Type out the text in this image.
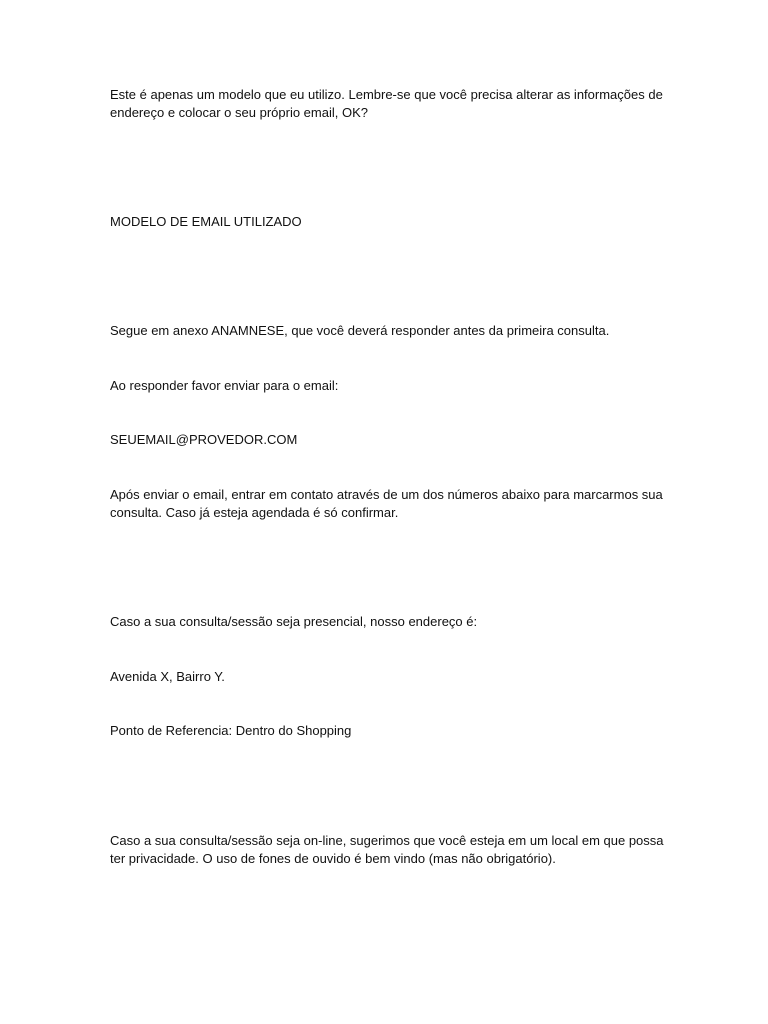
Este é apenas um modelo que eu utilizo. Lembre-se que você precisa alterar as informações de endereço e colocar o seu próprio email, OK?

MODELO DE EMAIL UTILIZADO

Segue em anexo ANAMNESE, que você deverá responder antes da primeira consulta.

Ao responder favor enviar para o email:

SEUEMAIL@PROVEDOR.COM

Após enviar o email, entrar em contato através de um dos números abaixo para marcarmos sua consulta. Caso já esteja agendada é só confirmar.

Caso a sua consulta/sessão seja presencial, nosso endereço é:

Avenida X, Bairro Y.

Ponto de Referencia: Dentro do Shopping

Caso a sua consulta/sessão seja on-line, sugerimos que você esteja em um local em que possa ter privacidade. O uso de fones de ouvido é bem vindo (mas não obrigatório).
